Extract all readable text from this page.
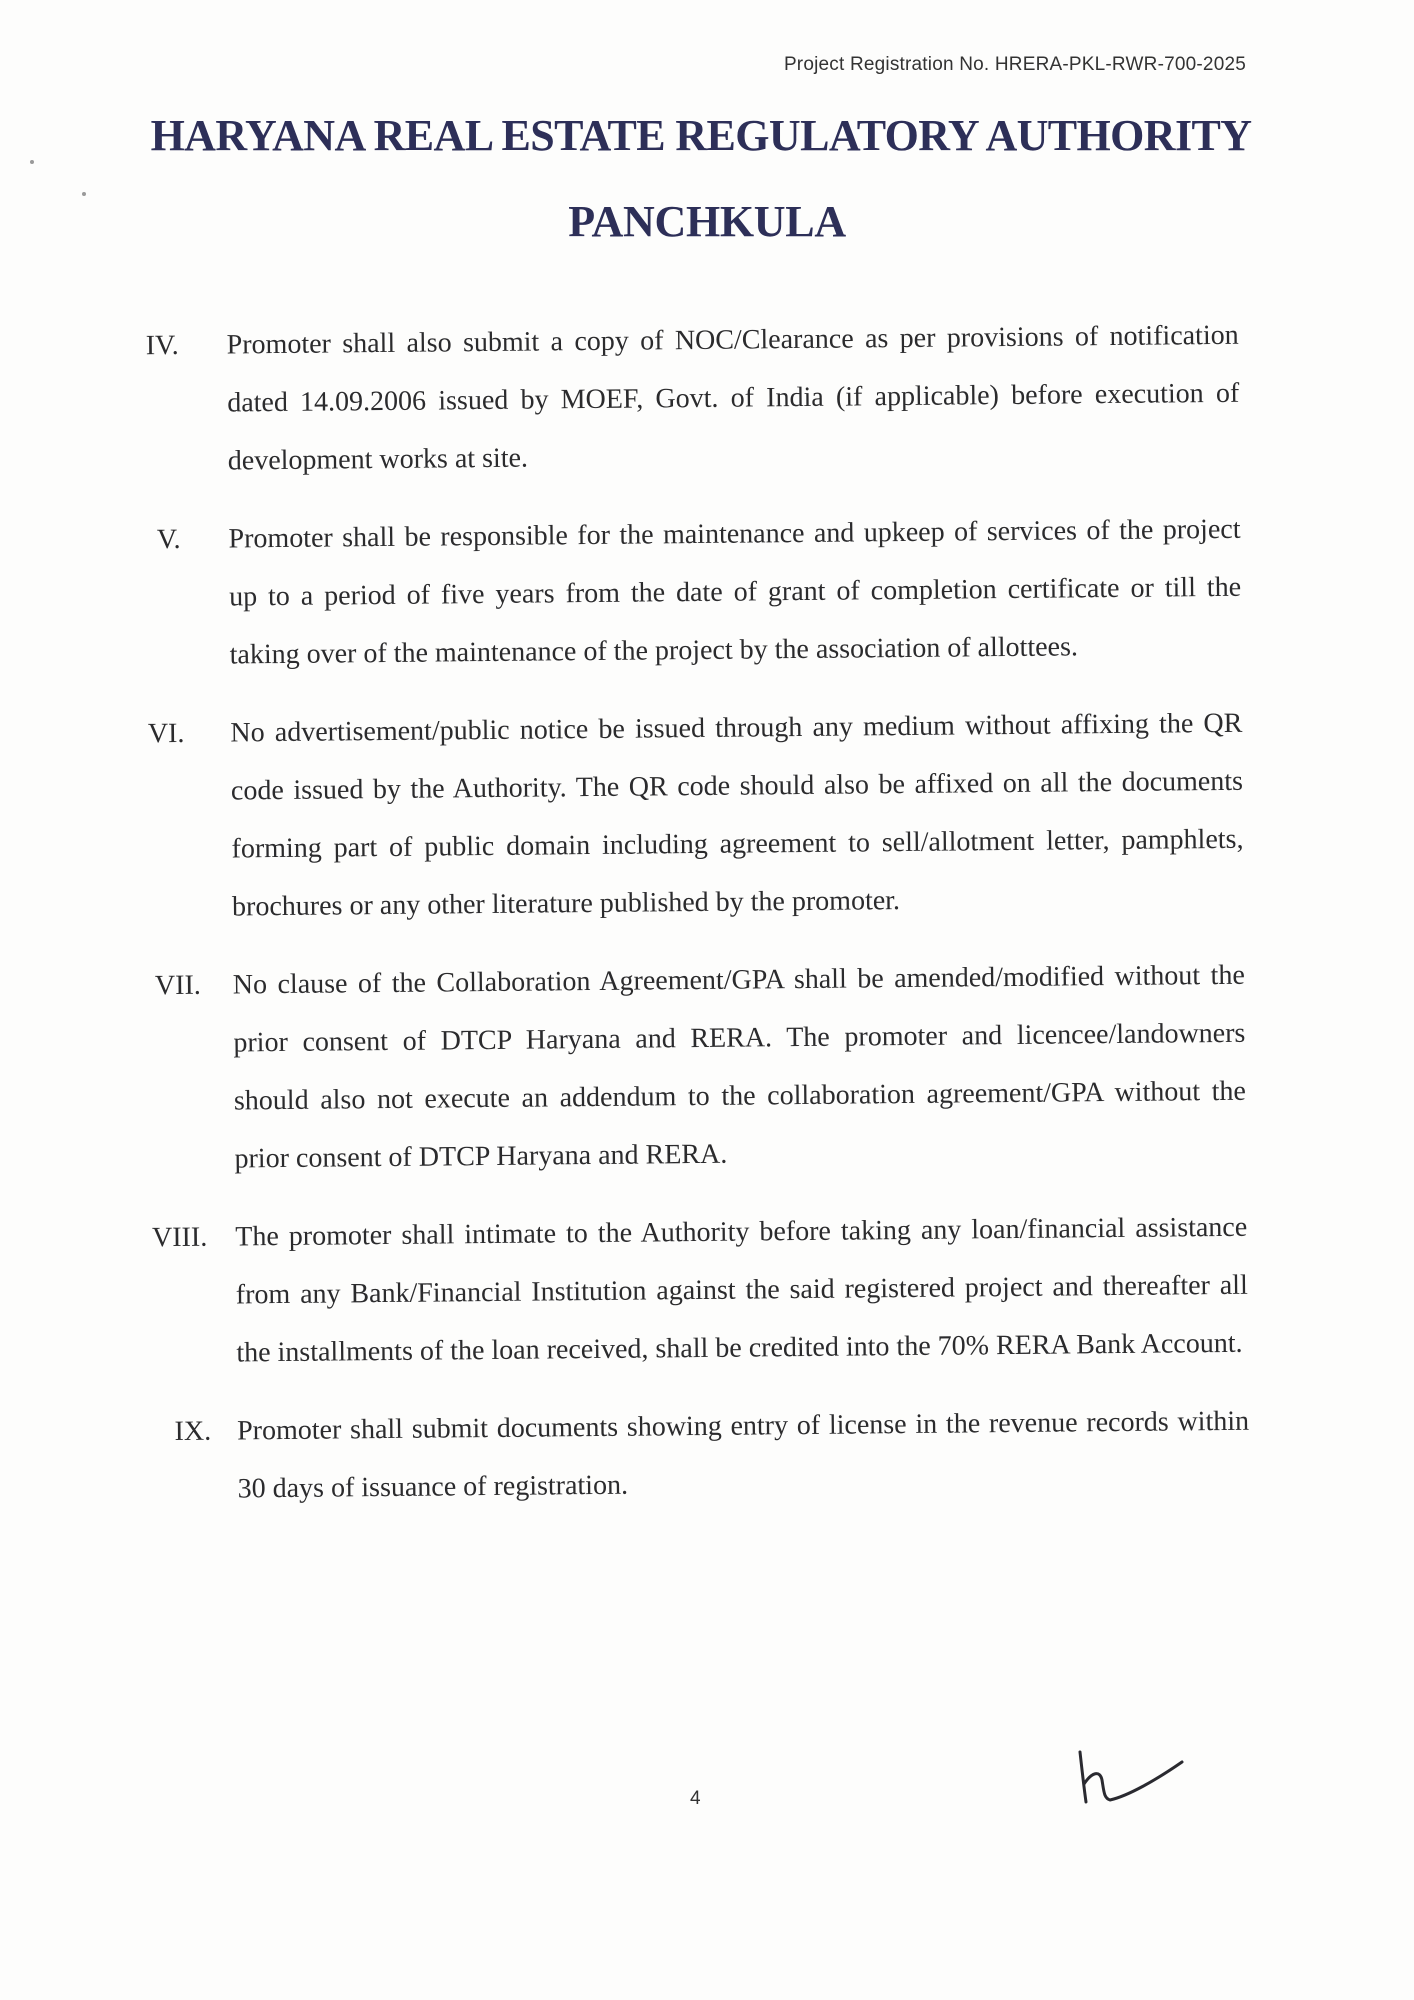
Project Registration No. HRERA-PKL-RWR-700-2025
HARYANA REAL ESTATE REGULATORY AUTHORITY
PANCHKULA
IV. Promoter shall also submit a copy of NOC/Clearance as per provisions of notification dated 14.09.2006 issued by MOEF, Govt. of India (if applicable) before execution of development works at site.
V. Promoter shall be responsible for the maintenance and upkeep of services of the project up to a period of five years from the date of grant of completion certificate or till the taking over of the maintenance of the project by the association of allottees.
VI. No advertisement/public notice be issued through any medium without affixing the QR code issued by the Authority. The QR code should also be affixed on all the documents forming part of public domain including agreement to sell/allotment letter, pamphlets, brochures or any other literature published by the promoter.
VII. No clause of the Collaboration Agreement/GPA shall be amended/modified without the prior consent of DTCP Haryana and RERA. The promoter and licencee/landowners should also not execute an addendum to the collaboration agreement/GPA without the prior consent of DTCP Haryana and RERA.
VIII. The promoter shall intimate to the Authority before taking any loan/financial assistance from any Bank/Financial Institution against the said registered project and thereafter all the installments of the loan received, shall be credited into the 70% RERA Bank Account.
IX. Promoter shall submit documents showing entry of license in the revenue records within 30 days of issuance of registration.
4
